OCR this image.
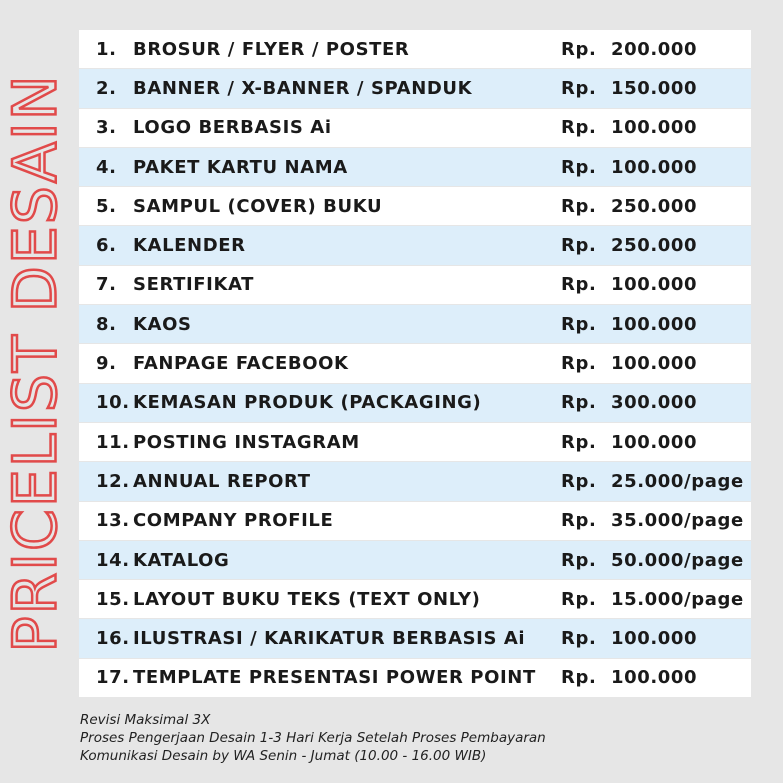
PRICELIST DESAIN
1. BROSUR / FLYER / POSTER	Rp. 200.000
2. BANNER / X-BANNER / SPANDUK	Rp. 150.000
3. LOGO BERBASIS Ai	Rp. 100.000
4. PAKET KARTU NAMA	Rp. 100.000
5. SAMPUL (COVER) BUKU	Rp. 250.000
6. KALENDER	Rp. 250.000
7. SERTIFIKAT	Rp. 100.000
8. KAOS	Rp. 100.000
9. FANPAGE FACEBOOK	Rp. 100.000
10. KEMASAN PRODUK (PACKAGING)	Rp. 300.000
11. POSTING INSTAGRAM	Rp. 100.000
12. ANNUAL REPORT	Rp. 25.000/page
13. COMPANY PROFILE	Rp. 35.000/page
14. KATALOG	Rp. 50.000/page
15. LAYOUT BUKU TEKS (TEXT ONLY)	Rp. 15.000/page
16. ILUSTRASI / KARIKATUR BERBASIS Ai	Rp. 100.000
17. TEMPLATE PRESENTASI POWER POINT	Rp. 100.000
Revisi Maksimal 3X
Proses Pengerjaan Desain 1-3 Hari Kerja Setelah Proses Pembayaran
Komunikasi Desain by WA Senin - Jumat (10.00 - 16.00 WIB)
